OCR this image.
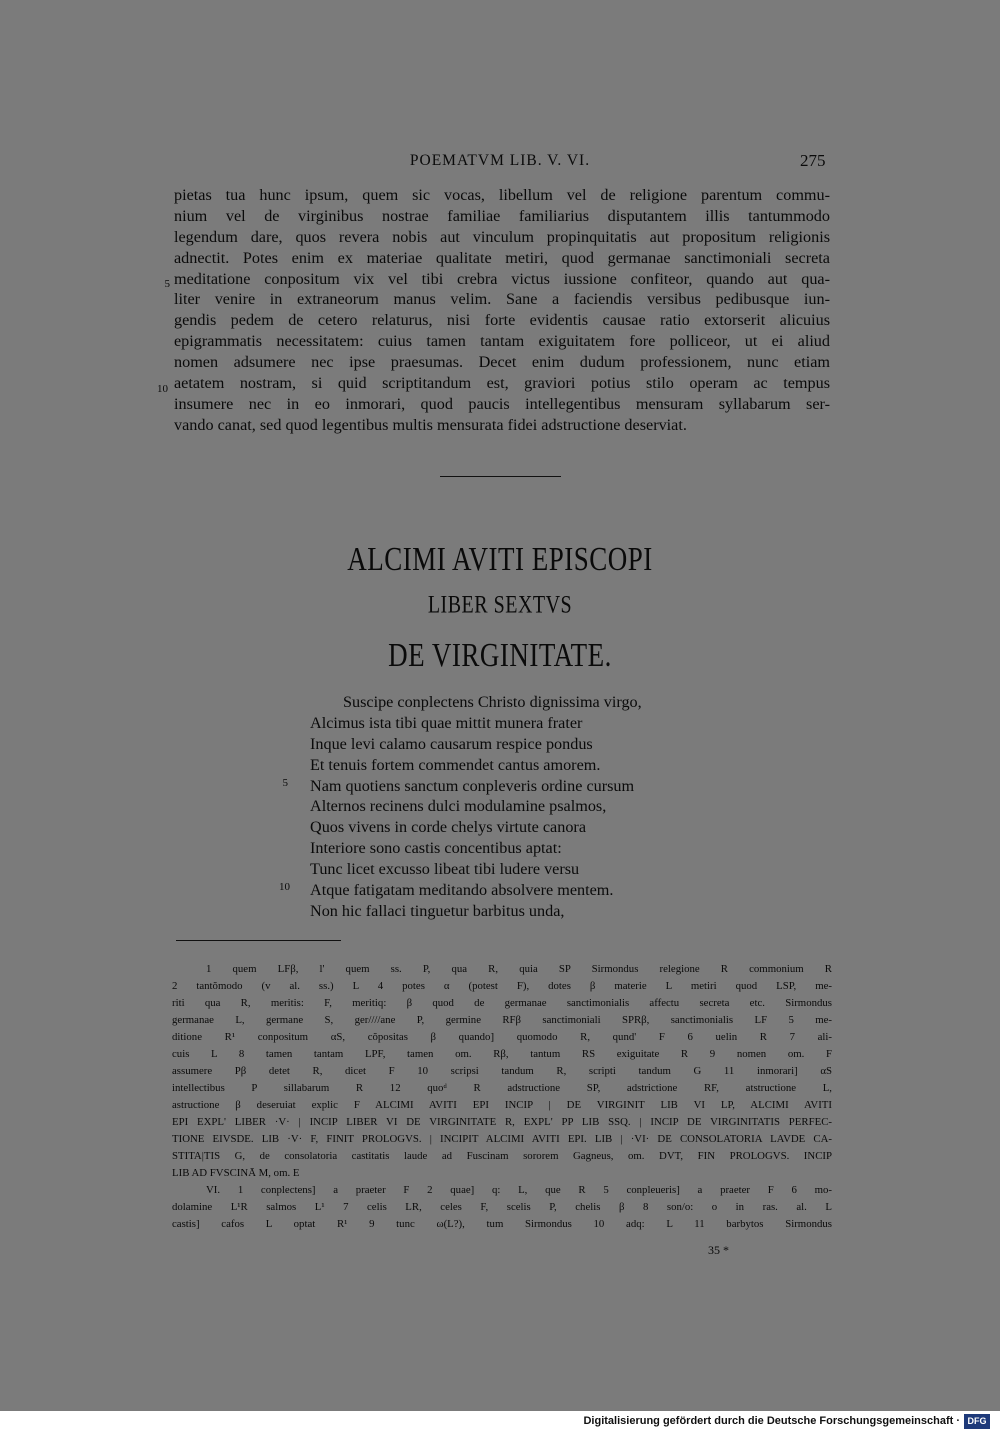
POEMATVM LIB. V. VI.	275
pietas tua hunc ipsum, quem sic vocas, libellum vel de religione parentum commu-
nium vel de virginibus nostrae familiae familiarius disputantem illis tantummodo
legendum dare, quos revera nobis aut vinculum propinquitatis aut propositum religionis
adnectit. Potes enim ex materiae qualitate metiri, quod germanae sanctimoniali secreta
meditatione conpositum vix vel tibi crebra victus iussione confiteor, quando aut qua-
liter venire in extraneorum manus velim. Sane a faciendis versibus pedibusque iun-
gendis pedem de cetero relaturus, nisi forte evidentis causae ratio extorserit alicuius
epigrammatis necessitatem: cuius tamen tantam exiguitatem fore polliceor, ut ei aliud
nomen adsumere nec ipse praesumas. Decet enim dudum professionem, nunc etiam
aetatem nostram, si quid scriptitandum est, graviori potius stilo operam ac tempus
insumere nec in eo inmorari, quod paucis intellegentibus mensuram syllabarum ser-
vando canat, sed quod legentibus multis mensurata fidei adstructione deserviat.
5
10
ALCIMI AVITI EPISCOPI
LIBER SEXTVS
DE VIRGINITATE.
Suscipe conplectens Christo dignissima virgo,
Alcimus ista tibi quae mittit munera frater
Inque levi calamo causarum respice pondus
Et tenuis fortem commendet cantus amorem.
Nam quotiens sanctum conpleveris ordine cursum
Alternos recinens dulci modulamine psalmos,
Quos vivens in corde chelys virtute canora
Interiore sono castis concentibus aptat:
Tunc licet excusso libeat tibi ludere versu
Atque fatigatam meditando absolvere mentem.
Non hic fallaci tinguetur barbitus unda,
5
10
1 quem LFβ, l' quem ss. P, qua R, quia SP Sirmondus relegione R commonium R
2 tantŏmodo (v al. ss.) L 4 potes α (potest F), dotes β materie L metiri quod LSP, me-
riti qua R, meritis: F, meritiq: β quod de germanae sanctimonialis affectu secreta etc. Sirmondus
germanae L, germane S, ger////ane P, germine RFβ sanctimoniali SPRβ, sanctimonialis LF 5 me-
ditione R¹ conpositum αS, cŏpositas β quando] quomodo R, qund' F 6 uelin R 7 ali-
cuis L 8 tamen tantam LPF, tamen om. Rβ, tantum RS exiguitate R 9 nomen om. F
assumere Pβ detet R, dicet F 10 scripsi tandum R, scripti tandum G 11 inmorari] αS
intellectibus P sillabarum R 12 quoᵈ R adstructione SP, adstrictione RF, atstructione L,
astructione β deseruiat explic F ALCIMI AVITI EPI INCIP | DE VIRGINIT LIB VI LP, ALCIMI AVITI
EPI EXPL' LIBER ·V· | INCIP LIBER VI DE VIRGINITATE R, EXPL' PP LIB SSQ. | INCIP DE VIRGINITATIS PERFEC-
TIONE EIVSDE. LIB ·V· F, FINIT PROLOGVS. | INCIPIT ALCIMI AVITI EPI. LIB | ·VI· DE CONSOLATORIA LAVDE CA-
STITA|TIS G, de consolatoria castitatis laude ad Fuscinam sororem Gagneus, om. DVT, FIN PROLOGVS. INCIP
LIB AD FVSCINĀ M, om. E
VI. 1 conplectens] a praeter F 2 quae] q: L, que R 5 conpleueris] a praeter F 6 mo-
dolamine L¹R salmos L¹ 7 celis LR, celes F, scelis P, chelis β 8 son/o: o in ras. al. L
castis] cafos L optat R¹ 9 tunc ω(L?), tum Sirmondus 10 adq: L 11 barbytos Sirmondus
35 *
Digitalisierung gefördert durch die Deutsche Forschungsgemeinschaft · DFG
